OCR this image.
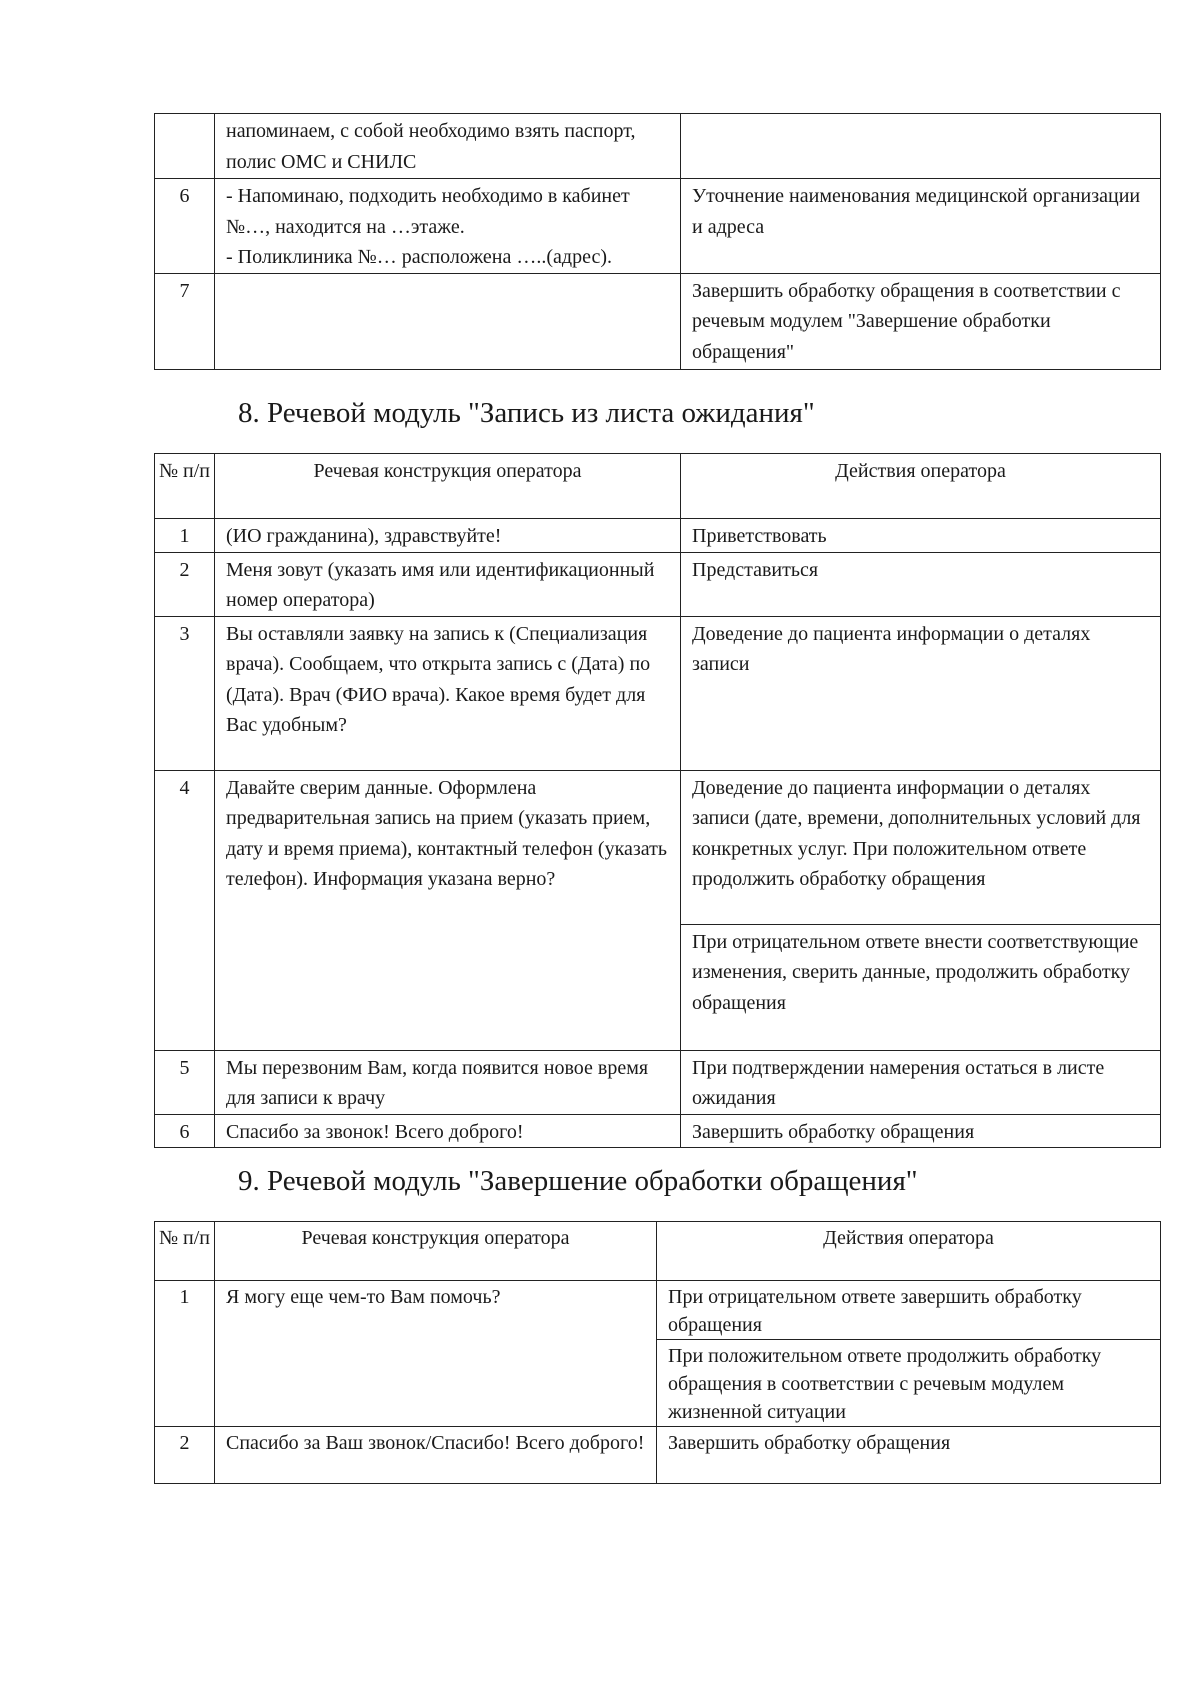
	напоминаем, с собой необходимо взять паспорт, полис ОМС и СНИЛС	
6	- Напоминаю, подходить необходимо в кабинет №…, находится на …этаже.
- Поликлиника №… расположена …..(адрес).	Уточнение наименования медицинской организации и адреса
7		Завершить обработку обращения в соответствии с речевым модулем "Завершение обработки обращения"
8. Речевой модуль "Запись из листа ожидания"
№ п/п	Речевая конструкция оператора	Действия оператора
1	(ИО гражданина), здравствуйте!	Приветствовать
2	Меня зовут (указать имя или идентификационный номер оператора)	Представиться
3	Вы оставляли заявку на запись к (Специализация врача). Сообщаем, что открыта запись с (Дата) по (Дата). Врач (ФИО врача). Какое время будет для Вас удобным?	Доведение до пациента информации о деталях записи
4	Давайте сверим данные. Оформлена предварительная запись на прием (указать прием, дату и время приема), контактный телефон (указать телефон). Информация указана верно?	Доведение до пациента информации о деталях записи (дате, времени, дополнительных условий для конкретных услуг. При положительном ответе продолжить обработку обращения
		При отрицательном ответе внести соответствующие изменения, сверить данные, продолжить обработку обращения
5	Мы перезвоним Вам, когда появится новое время для записи к врачу	При подтверждении намерения остаться в листе ожидания
6	Спасибо за звонок! Всего доброго!	Завершить обработку обращения
9. Речевой модуль "Завершение обработки обращения"
№ п/п	Речевая конструкция оператора	Действия оператора
1	Я могу еще чем-то Вам помочь?	При отрицательном ответе завершить обработку обращения
		При положительном ответе продолжить обработку обращения в соответствии с речевым модулем жизненной ситуации
2	Спасибо за Ваш звонок/Спасибо! Всего доброго!	Завершить обработку обращения
